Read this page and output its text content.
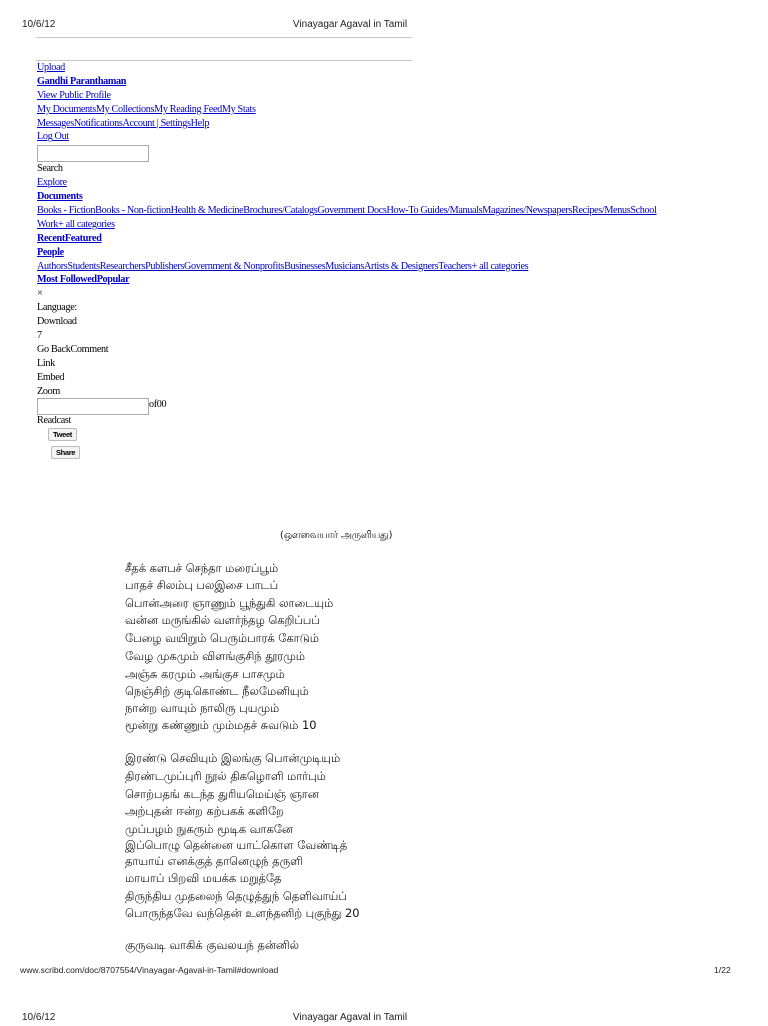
10/6/12	Vinayagar Agaval in Tamil
Upload
Gandhi Paranthaman
View Public Profile
My DocumentsMy CollectionsMy Reading FeedMy Stats
MessagesNotificationsAccount | SettingsHelp
Log Out
Search
Explore
Documents
Books - FictionBooks - Non-fictionHealth & MedicineBrochures/CatalogsGovernment DocsHow-To Guides/ManualsMagazines/NewspapersRecipes/MenusSchool
Work+ all categories
RecentFeatured
People
AuthorsStudentsResearchersPublishersGovernment & NonprofitsBusinessesMusiciansArtists & DesignersTeachers+ all categories
Most FollowedPopular
×
Language:
Download
7
Go BackComment
Link
Embed
Zoom
of00
Readcast
Tweet
Share
(ஔவையார் அருளியது)
சீதக் களபச் செந்தா மரைப்பூம்
பாதச் சிலம்பு பலஇசை பாடப்
பொன்அரை ஞாணும் பூந்துகி லாடையும்
வன்ன மருங்கில் வளர்ந்தழ கெறிப்பப்
பேழை வயிறும் பெரும்பாரக் கோடும்
வேழ முகமும் விளங்குசிந் தூரமும்
அஞ்சு கரமும் அங்குச பாசமும்
நெஞ்சிற் குடிகொண்ட நீலமேனியும்
நான்ற வாயும் நாலிரு புயமும்
மூன்று கண்ணும் மும்மதச் சுவடும் 10
இரண்டு செவியும் இலங்கு பொன்முடியும்
திரண்டமுப்புரி நூல் திகழொளி மார்பும்
சொற்பதங் கடந்த துரியமெய்ஞ் ஞான
அற்புதன் ஈன்ற கற்பகக் களிறே
முப்பழம் நுகரும் மூடிக வாகனே
இப்பொழு தென்னை யாட்கொள வேண்டித்
தாயாய் எனக்குத் தானெழுந் தருளி
மாயாப் பிறவி மயக்க மறுத்தே
திருந்திய முதலைந் தெழுத்துந் தெளிவாய்ப்
பொருந்தவே வந்தென் உளந்தனிற் புகுந்து 20
குருவடி வாகிக் குவலயந் தன்னில்
www.scribd.com/doc/8707554/Vinayagar-Agaval-in-Tamil#download	1/22
10/6/12	Vinayagar Agaval in Tamil
